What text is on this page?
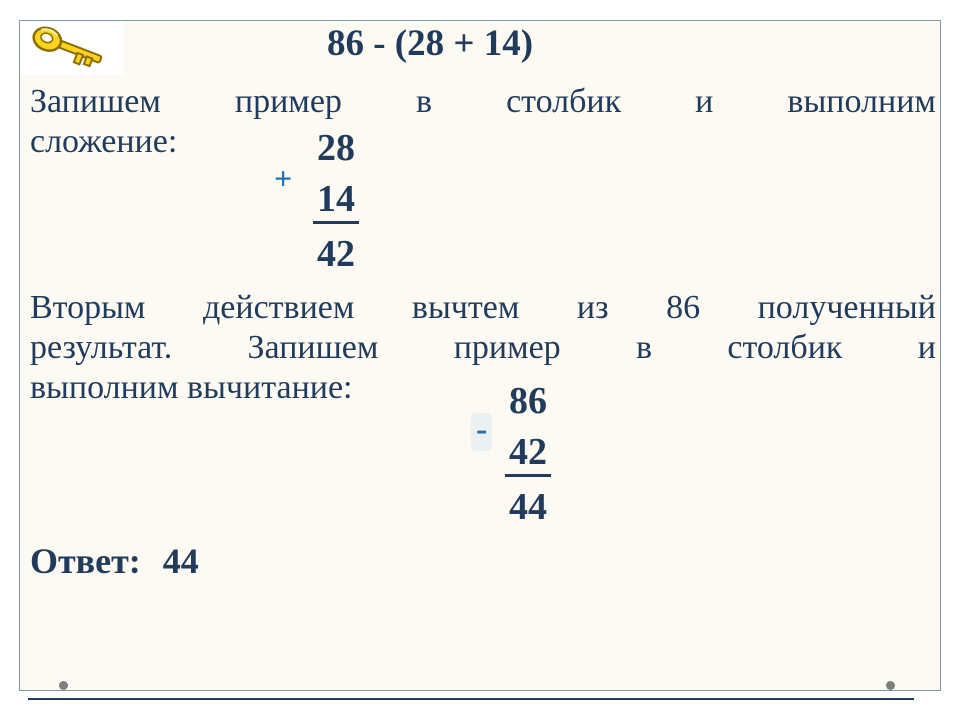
86 - (28 + 14)
Запишем пример в столбик и выполним
сложение:
+
28
14
42
Вторым действием вычтем из 86 полученный
результат. Запишем пример в столбик и
выполним вычитание:
-
86
42
44
Ответ: 44
